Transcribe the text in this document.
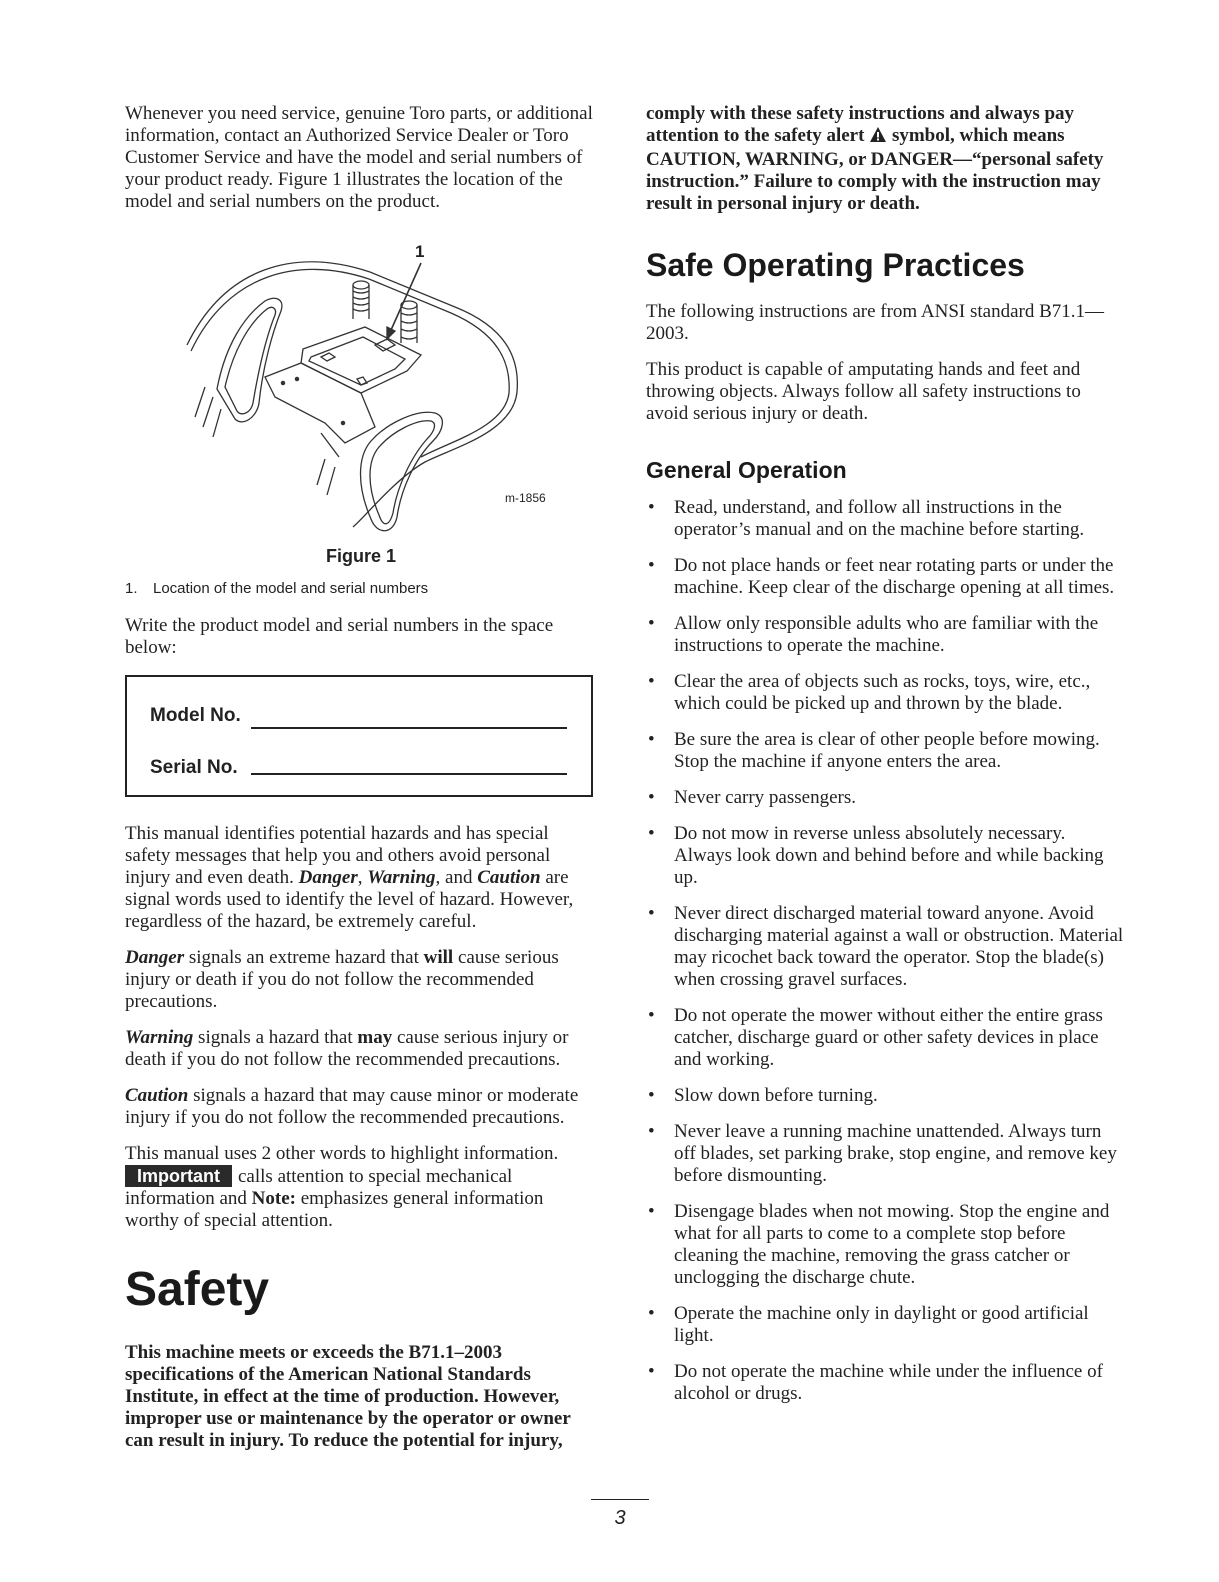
Whenever you need service, genuine Toro parts, or additional information, contact an Authorized Service Dealer or Toro Customer Service and have the model and serial numbers of your product ready. Figure 1 illustrates the location of the model and serial numbers on the product.

1
m-1856
Figure 1
1. Location of the model and serial numbers

Write the product model and serial numbers in the space below:

Model No.
Serial No.

This manual identifies potential hazards and has special safety messages that help you and others avoid personal injury and even death. Danger, Warning, and Caution are signal words used to identify the level of hazard. However, regardless of the hazard, be extremely careful.

Danger signals an extreme hazard that will cause serious injury or death if you do not follow the recommended precautions.

Warning signals a hazard that may cause serious injury or death if you do not follow the recommended precautions.

Caution signals a hazard that may cause minor or moderate injury if you do not follow the recommended precautions.

This manual uses 2 other words to highlight information.
Important calls attention to special mechanical information and Note: emphasizes general information worthy of special attention.

Safety

This machine meets or exceeds the B71.1–2003 specifications of the American National Standards Institute, in effect at the time of production. However, improper use or maintenance by the operator or owner can result in injury. To reduce the potential for injury,

comply with these safety instructions and always pay attention to the safety alert symbol, which means CAUTION, WARNING, or DANGER—“personal safety instruction.” Failure to comply with the instruction may result in personal injury or death.

Safe Operating Practices

The following instructions are from ANSI standard B71.1—2003.

This product is capable of amputating hands and feet and throwing objects. Always follow all safety instructions to avoid serious injury or death.

General Operation
• Read, understand, and follow all instructions in the operator’s manual and on the machine before starting.
• Do not place hands or feet near rotating parts or under the machine. Keep clear of the discharge opening at all times.
• Allow only responsible adults who are familiar with the instructions to operate the machine.
• Clear the area of objects such as rocks, toys, wire, etc., which could be picked up and thrown by the blade.
• Be sure the area is clear of other people before mowing. Stop the machine if anyone enters the area.
• Never carry passengers.
• Do not mow in reverse unless absolutely necessary. Always look down and behind before and while backing up.
• Never direct discharged material toward anyone. Avoid discharging material against a wall or obstruction. Material may ricochet back toward the operator. Stop the blade(s) when crossing gravel surfaces.
• Do not operate the mower without either the entire grass catcher, discharge guard or other safety devices in place and working.
• Slow down before turning.
• Never leave a running machine unattended. Always turn off blades, set parking brake, stop engine, and remove key before dismounting.
• Disengage blades when not mowing. Stop the engine and what for all parts to come to a complete stop before cleaning the machine, removing the grass catcher or unclogging the discharge chute.
• Operate the machine only in daylight or good artificial light.
• Do not operate the machine while under the influence of alcohol or drugs.
3
